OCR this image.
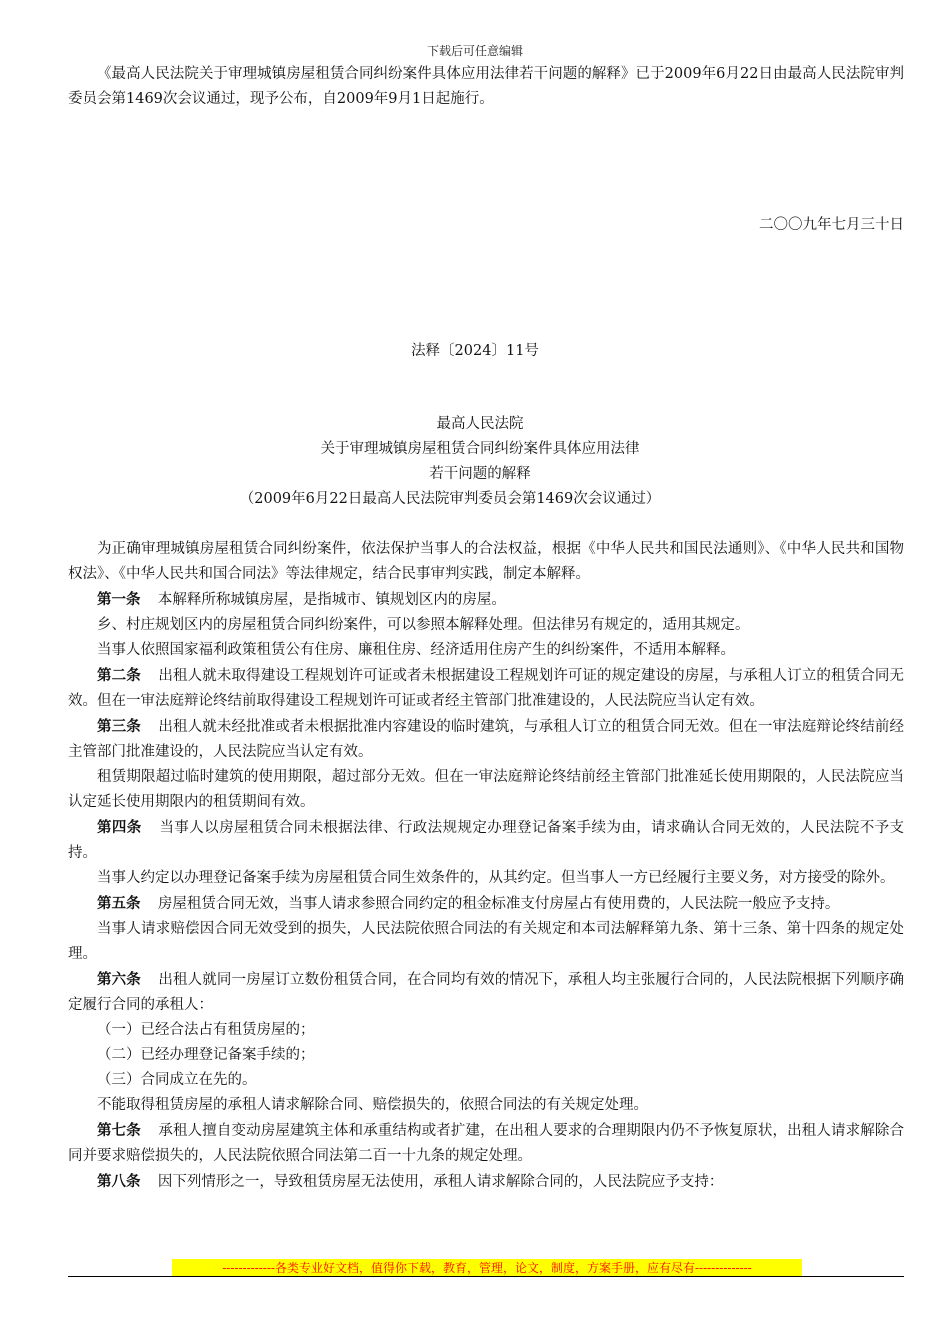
下载后可任意编辑

《最高人民法院关于审理城镇房屋租赁合同纠纷案件具体应用法律若干问题的解释》已于2009年6月22日由最高人民法院审判委员会第1469次会议通过，现予公布，自2009年9月1日起施行。

二〇〇九年七月三十日
法释〔2024〕11号
最高人民法院
关于审理城镇房屋租赁合同纠纷案件具体应用法律
若干问题的解释
（2009年6月22日最高人民法院审判委员会第1469次会议通过）

为正确审理城镇房屋租赁合同纠纷案件，依法保护当事人的合法权益，根据《中华人民共和国民法通则》、《中华人民共和国物权法》、《中华人民共和国合同法》等法律规定，结合民事审判实践，制定本解释。

第一条 本解释所称城镇房屋，是指城市、镇规划区内的房屋。

乡、村庄规划区内的房屋租赁合同纠纷案件，可以参照本解释处理。但法律另有规定的，适用其规定。

当事人依照国家福利政策租赁公有住房、廉租住房、经济适用住房产生的纠纷案件，不适用本解释。

第二条 出租人就未取得建设工程规划许可证或者未根据建设工程规划许可证的规定建设的房屋，与承租人订立的租赁合同无效。但在一审法庭辩论终结前取得建设工程规划许可证或者经主管部门批准建设的，人民法院应当认定有效。

第三条 出租人就未经批准或者未根据批准内容建设的临时建筑，与承租人订立的租赁合同无效。但在一审法庭辩论终结前经主管部门批准建设的，人民法院应当认定有效。

租赁期限超过临时建筑的使用期限，超过部分无效。但在一审法庭辩论终结前经主管部门批准延长使用期限的，人民法院应当认定延长使用期限内的租赁期间有效。

第四条 当事人以房屋租赁合同未根据法律、行政法规规定办理登记备案手续为由，请求确认合同无效的，人民法院不予支持。

当事人约定以办理登记备案手续为房屋租赁合同生效条件的，从其约定。但当事人一方已经履行主要义务，对方接受的除外。

第五条 房屋租赁合同无效，当事人请求参照合同约定的租金标准支付房屋占有使用费的，人民法院一般应予支持。

当事人请求赔偿因合同无效受到的损失，人民法院依照合同法的有关规定和本司法解释第九条、第十三条、第十四条的规定处理。

第六条 出租人就同一房屋订立数份租赁合同，在合同均有效的情况下，承租人均主张履行合同的，人民法院根据下列顺序确定履行合同的承租人：

（一）已经合法占有租赁房屋的；

（二）已经办理登记备案手续的；

（三）合同成立在先的。

不能取得租赁房屋的承租人请求解除合同、赔偿损失的，依照合同法的有关规定处理。

第七条 承租人擅自变动房屋建筑主体和承重结构或者扩建，在出租人要求的合理期限内仍不予恢复原状，出租人请求解除合同并要求赔偿损失的，人民法院依照合同法第二百一十九条的规定处理。

第八条 因下列情形之一，导致租赁房屋无法使用，承租人请求解除合同的，人民法院应予支持：

-------------各类专业好文档，值得你下载，教育，管理，论文，制度，方案手册，应有尽有--------------
